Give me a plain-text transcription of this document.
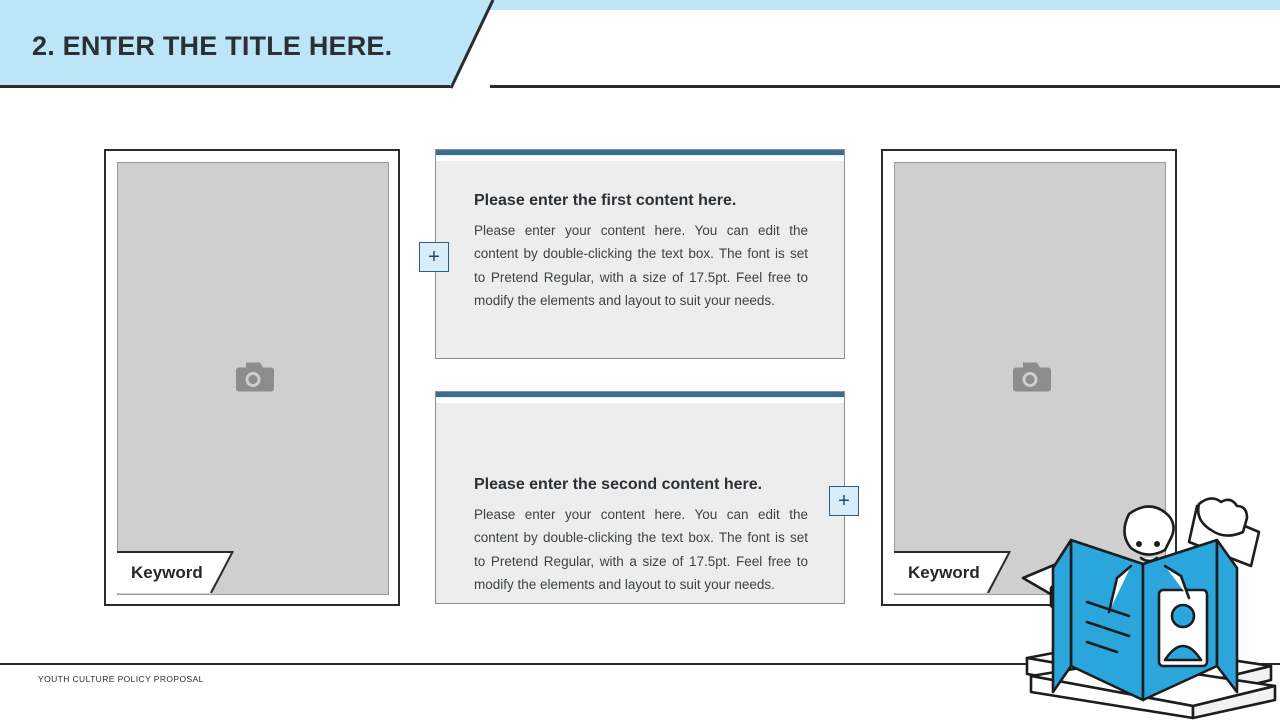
2. ENTER THE TITLE HERE.
Keyword	Keyword
Please enter the first content here.
Please enter your content here. You can edit the content by double-clicking the text box. The font is set to Pretend Regular, with a size of 17.5pt. Feel free to modify the elements and layout to suit your needs.
Please enter the second content here.
Please enter your content here. You can edit the content by double-clicking the text box. The font is set to Pretend Regular, with a size of 17.5pt. Feel free to modify the elements and layout to suit your needs.
+
+
YOUTH CULTURE POLICY PROPOSAL
